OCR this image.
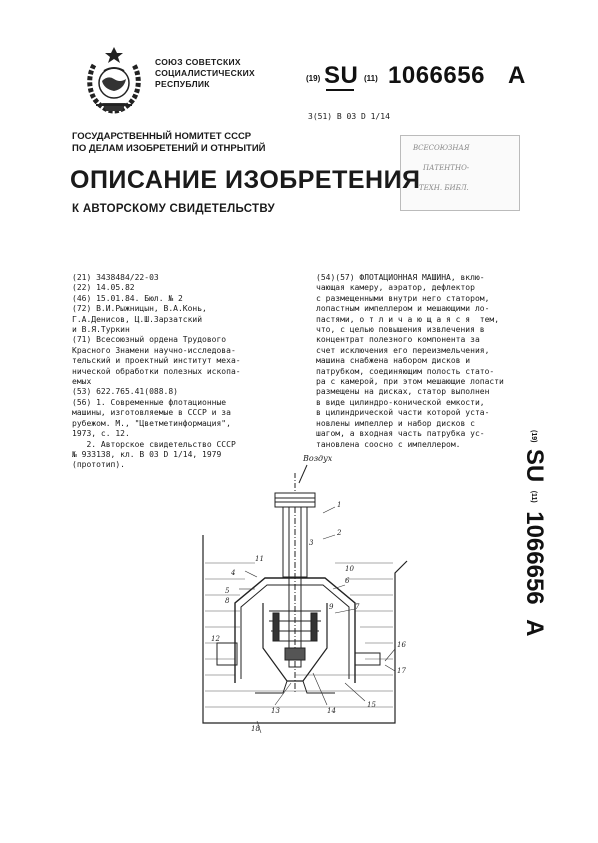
СОЮЗ СОВЕТСКИХ
СОЦИАЛИСТИЧЕСКИХ
РЕСПУБЛИК
(19) SU (11) 1066656 A
3(51) В 03 D 1/14
ВСЕСОЮЗНАЯ
ПАТЕНТНО-
ТЕХН. БИБЛ.
ГОСУДАРСТВЕННЫЙ НОМИТЕТ СССР
ПО ДЕЛАМ ИЗОБРЕТЕНИЙ И ОТНРЫТИЙ
ОПИСАНИЕ ИЗОБРЕТЕНИЯ
К АВТОРСКОМУ СВИДЕТЕЛЬСТВУ
(21) 3438484/22-03
(22) 14.05.82
(46) 15.01.84. Бюл. № 2
(72) В.И.Рыжницын, В.А.Конь,
Г.А.Денисов, Ц.Ш.Зарзатский
и В.Я.Туркин
(71) Всесоюзный ордена Трудового
Красного Знамени научно-исследова-
тельский и проектный институт меха-
нической обработки полезных ископа-
емых
(53) 622.765.41(088.8)
(56) 1. Современные флотационные
машины, изготовляемые в СССР и за
рубежом. М., "Цветметинформация",
1973, с. 12.
2. Авторское свидетельство СССР
№ 933138, кл. В 03 D 1/14, 1979
(прототип).
(54)(57) ФЛОТАЦИОННАЯ МАШИНА, вклю-
чающая камеру, аэратор, дефлектор
с размещенными внутри него статором,
лопастным импеллером и мешающими ло-
пастями, о т л и ч а ю щ а я с я  тем,
что, с целью повышения извлечения в
концентрат полезного компонента за
счет исключения его переизмельчения,
машина снабжена набором дисков и
патрубком, соединяющим полость стато-
ра с камерой, при этом мешающие лопасти
размещены на дисках, статор выполнен
в виде цилиндро-конической емкости,
в цилиндрической части которой уста-
новлены импеллер и набор дисков с
шагом, а входная часть патрубка ус-
тановлена соосно с импеллером.
(19) SU (11) 1066656 A
Воздух
1
2
3
4
5
6
7
8
9
10
11
12
13	14
15
16
17
18
